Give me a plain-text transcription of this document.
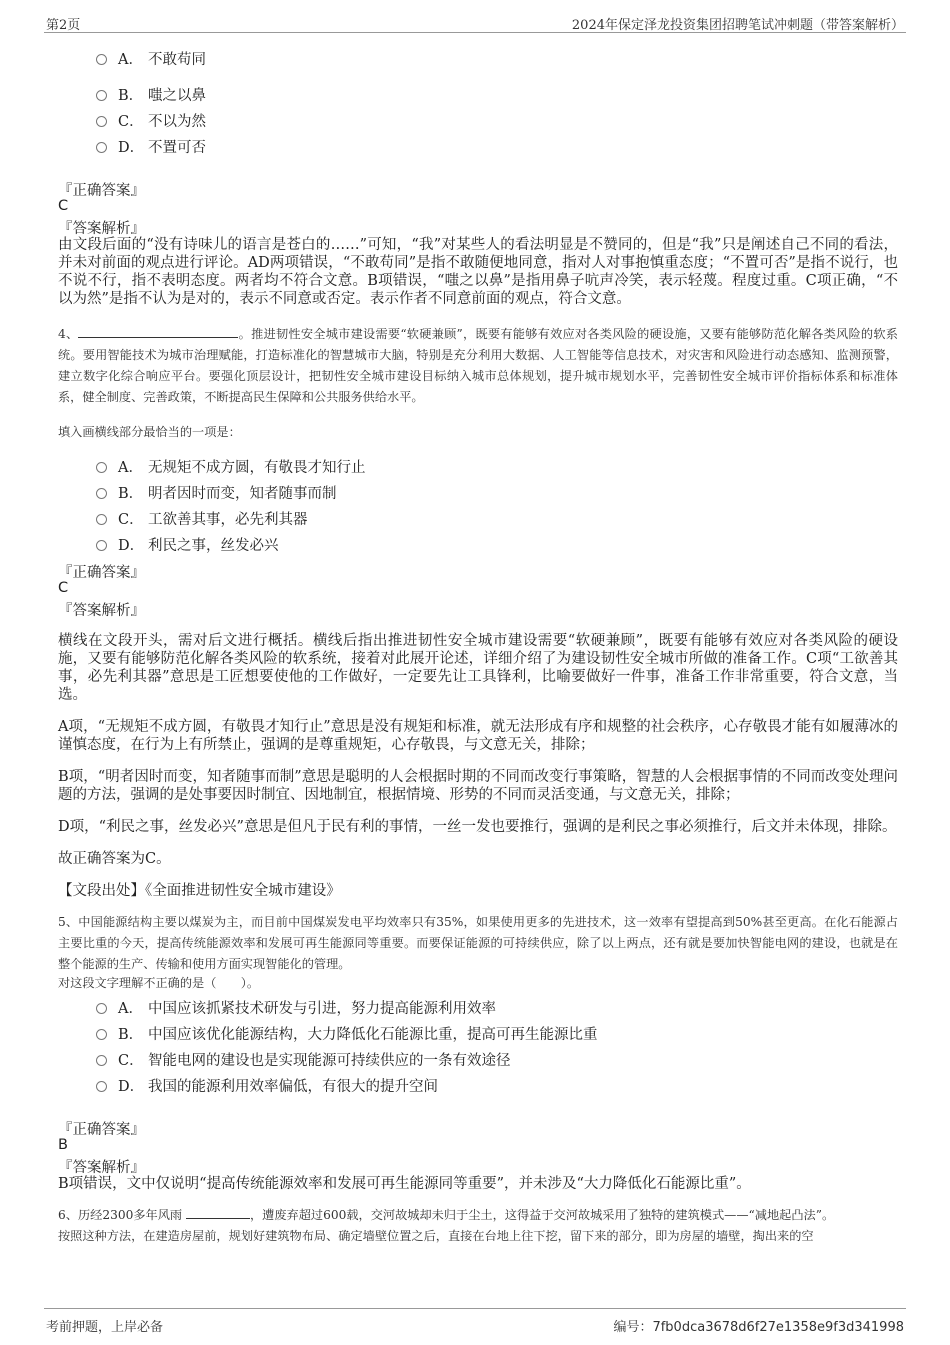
第2页	2024年保定泽龙投资集团招聘笔试冲刺题（带答案解析）
A． 不敢苟同
B． 嗤之以鼻
C． 不以为然
D． 不置可否
『正确答案』
C
『答案解析』
由文段后面的“没有诗味儿的语言是苍白的……”可知，“我”对某些人的看法明显是不赞同的，但是“我”只是阐述自己不同的看法，并未对前面的观点进行评论。AD两项错误，“不敢苟同”是指不敢随便地同意，指对人对事抱慎重态度；“不置可否”是指不说行，也不说不行，指不表明态度。两者均不符合文意。B项错误，“嗤之以鼻”是指用鼻子吭声冷笑，表示轻蔑。程度过重。C项正确，“不以为然”是指不认为是对的，表示不同意或否定。表示作者不同意前面的观点，符合文意。
4、	。推进韧性安全城市建设需要“软硬兼顾”，既要有能够有效应对各类风险的硬设施，又要有能够防范化解各类风险的软系统。要用智能技术为城市治理赋能，打造标准化的智慧城市大脑，特别是充分利用大数据、人工智能等信息技术，对灾害和风险进行动态感知、监测预警，建立数字化综合响应平台。要强化顶层设计，把韧性安全城市建设目标纳入城市总体规划，提升城市规划水平，完善韧性安全城市评价指标体系和标准体系，健全制度、完善政策，不断提高民生保障和公共服务供给水平。
填入画横线部分最恰当的一项是：
A． 无规矩不成方圆，有敬畏才知行止
B． 明者因时而变，知者随事而制
C． 工欲善其事，必先利其器
D． 利民之事，丝发必兴
『正确答案』
C
『答案解析』
横线在文段开头，需对后文进行概括。横线后指出推进韧性安全城市建设需要“软硬兼顾”，既要有能够有效应对各类风险的硬设施，又要有能够防范化解各类风险的软系统，接着对此展开论述，详细介绍了为建设韧性安全城市所做的准备工作。C项“工欲善其事，必先利其器”意思是工匠想要使他的工作做好，一定要先让工具锋利，比喻要做好一件事，准备工作非常重要，符合文意，当选。
A项，“无规矩不成方圆，有敬畏才知行止”意思是没有规矩和标准，就无法形成有序和规整的社会秩序，心存敬畏才能有如履薄冰的谨慎态度，在行为上有所禁止，强调的是尊重规矩，心存敬畏，与文意无关，排除；
B项，“明者因时而变，知者随事而制”意思是聪明的人会根据时期的不同而改变行事策略，智慧的人会根据事情的不同而改变处理问题的方法，强调的是处事要因时制宜、因地制宜，根据情境、形势的不同而灵活变通，与文意无关，排除；
D项，“利民之事，丝发必兴”意思是但凡于民有利的事情，一丝一发也要推行，强调的是利民之事必须推行，后文并未体现，排除。
故正确答案为C。
【文段出处】《全面推进韧性安全城市建设》
5、中国能源结构主要以煤炭为主，而目前中国煤炭发电平均效率只有35%，如果使用更多的先进技术，这一效率有望提高到50%甚至更高。在化石能源占主要比重的今天，提高传统能源效率和发展可再生能源同等重要。而要保证能源的可持续供应，除了以上两点，还有就是要加快智能电网的建设，也就是在整个能源的生产、传输和使用方面实现智能化的管理。
对这段文字理解不正确的是（　　）。
A． 中国应该抓紧技术研发与引进，努力提高能源利用效率
B． 中国应该优化能源结构，大力降低化石能源比重，提高可再生能源比重
C． 智能电网的建设也是实现能源可持续供应的一条有效途径
D． 我国的能源利用效率偏低，有很大的提升空间
『正确答案』
B
『答案解析』
B项错误，文中仅说明“提高传统能源效率和发展可再生能源同等重要”，并未涉及“大力降低化石能源比重”。
6、历经2300多年风雨	，遭废弃超过600载，交河故城却未归于尘土，这得益于交河故城采用了独特的建筑模式——“减地起凸法”。
按照这种方法，在建造房屋前，规划好建筑物布局、确定墙壁位置之后，直接在台地上往下挖，留下来的部分，即为房屋的墙壁，掏出来的空
考前押题，上岸必备	编号：7fb0dca3678d6f27e1358e9f3d341998
